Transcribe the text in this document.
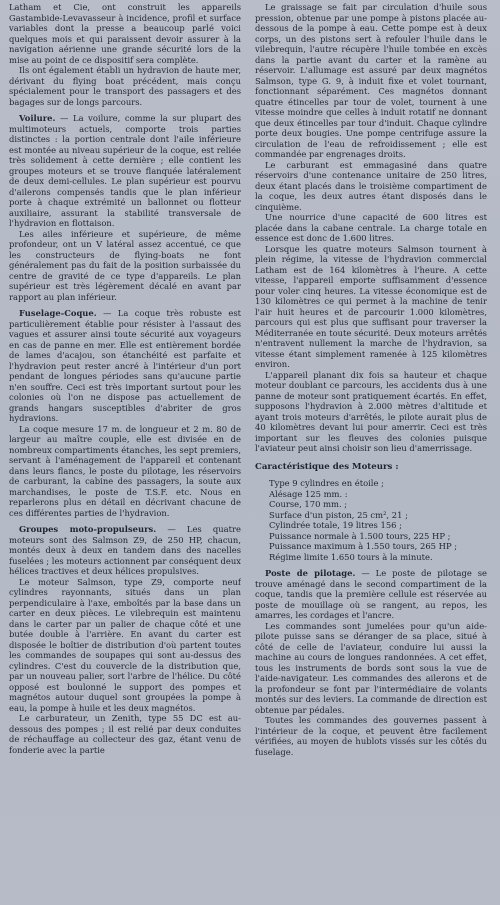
Latham et Cie, ont construit les appareils Gastambide-Levavasseur à incidence, profil et surface variables dont la presse a beaucoup parlé voici quelques mois et qui paraissent devoir assurer à la navigation aérienne une grande sécurité lors de la mise au point de ce dispositif sera complète.

Ils ont également établi un hydravion de haute mer, dérivant du flying boat précédent, mais conçu spécialement pour le transport des passagers et des bagages sur de longs parcours.

Voilure. — La voilure, comme la sur plupart des multimoteurs actuels, comporte trois parties distinctes : la portion centrale dont l'aile inférieure est montée au niveau supérieur de la coque, est reliée très solidement à cette dernière ; elle contient les groupes moteurs et se trouve flanquée latéralement de deux demi-cellules. Le plan supérieur est pourvu d'ailerons compensés tandis que le plan inférieur porte à chaque extrémité un ballonnet ou flotteur auxiliaire, assurant la stabilité transversale de l'hydravion en flottaison.

Les ailes inférieure et supérieure, de même profondeur, ont un V latéral assez accentué, ce que les constructeurs de flying-boats ne font généralement pas du fait de la position surbaissée du centre de gravité de ce type d'appareils. Le plan supérieur est très légèrement décalé en avant par rapport au plan inférieur.

Fuselage-Coque. — La coque très robuste est particulièrement établie pour résister à l'assaut des vagues et assurer ainsi toute sécurité aux voyageurs en cas de panne en mer. Elle est entièrement bordée de lames d'acajou, son étanchéité est parfaite et l'hydravion peut rester ancré à l'intérieur d'un port pendant de longues périodes sans qu'aucune partie n'en souffre. Ceci est très important surtout pour les colonies où l'on ne dispose pas actuellement de grands hangars susceptibles d'abriter de gros hydravions.

La coque mesure 17 m. de longueur et 2 m. 80 de largeur au maître couple, elle est divisée en de nombreux compartiments étanches, les sept premiers, servant à l'aménagement de l'appareil et contenant dans leurs flancs, le poste du pilotage, les réservoirs de carburant, la cabine des passagers, la soute aux marchandises, le poste de T.S.F. etc. Nous en reparlerons plus en détail en décrivant chacune de ces différentes parties de l'hydravion.

Groupes moto-propulseurs. — Les quatre moteurs sont des Salmson Z9, de 250 HP, chacun, montés deux à deux en tandem dans des nacelles fuselées ; les moteurs actionnent par conséquent deux hélices tractives et deux hélices propulsives.

Le moteur Salmson, type Z9, comporte neuf cylindres rayonnants, situés dans un plan perpendiculaire à l'axe, emboîtés par la base dans un carter en deux pièces. Le vilebrequin est maintenu dans le carter par un palier de chaque côté et une butée double à l'arrière. En avant du carter est disposée le boîtier de distribution d'où partent toutes les commandes de soupapes qui sont au-dessus des cylindres. C'est du couvercle de la distribution que, par un nouveau palier, sort l'arbre de l'hélice. Du côté opposé est boulonné le support des pompes et magnétos autour duquel sont groupées la pompe à eau, la pompe à huile et les deux magnétos.

Le carburateur, un Zenith, type 55 DC est au-dessous des pompes ; il est relié par deux conduites de réchauffage au collecteur des gaz, étant venu de fonderie avec la partie

Le graissage se fait par circulation d'huile sous pression, obtenue par une pompe à pistons placée au-dessous de la pompe à eau. Cette pompe est à deux corps, un des pistons sert à refouler l'huile dans le vilebrequin, l'autre récupère l'huile tombée en excès dans la partie avant du carter et la ramène au réservoir. L'allumage est assuré par deux magnétos Salmson, type G. 9, à induit fixe et volet tournant, fonctionnant séparément. Ces magnétos donnant quatre étincelles par tour de volet, tournent à une vitesse moindre que celles à induit rotatif ne donnant que deux étincelles par tour d'induit. Chaque cylindre porte deux bougies. Une pompe centrifuge assure la circulation de l'eau de refroidissement ; elle est commandée par engrenages droits.

Le carburant est emmagasiné dans quatre réservoirs d'une contenance unitaire de 250 litres, deux étant placés dans le troisième compartiment de la coque, les deux autres étant disposés dans le cinquième.

Une nourrice d'une capacité de 600 litres est placée dans la cabane centrale. La charge totale en essence est donc de 1.600 litres.

Lorsque les quatre moteurs Salmson tournent à plein régime, la vitesse de l'hydravion commercial Latham est de 164 kilomètres à l'heure. A cette vitesse, l'appareil emporte suffisamment d'essence pour voler cinq heures. La vitesse économique est de 130 kilomètres ce qui permet à la machine de tenir l'air huit heures et de parcourir 1.000 kilomètres, parcours qui est plus que suffisant pour traverser la Méditerranée en toute sécurité. Deux moteurs arrêtés n'entravent nullement la marche de l'hydravion, sa vitesse étant simplement ramenée à 125 kilomètres environ.

L'appareil planant dix fois sa hauteur et chaque moteur doublant ce parcours, les accidents dus à une panne de moteur sont pratiquement écartés. En effet, supposons l'hydravion à 2.000 mètres d'altitude et ayant trois moteurs d'arrêtés, le pilote aurait plus de 40 kilomètres devant lui pour amerrir. Ceci est très important sur les fleuves des colonies puisque l'aviateur peut ainsi choisir son lieu d'amerrissage.

Caractéristique des Moteurs :

Type 9 cylindres en étoile ;
Alésage 125 mm. :
Course, 170 mm. ;
Surface d'un piston, 25 cm², 21 ;
Cylindrée totale, 19 litres 156 ;
Puissance normale à 1.500 tours, 225 HP ;
Puissance maximum à 1.550 tours, 265 HP ;
Régime limite 1.650 tours à la minute.

Poste de pilotage. — Le poste de pilotage se trouve aménagé dans le second compartiment de la coque, tandis que la première cellule est réservée au poste de mouillage où se rangent, au repos, les amarres, les cordages et l'ancre.

Les commandes sont jumelées pour qu'un aide-pilote puisse sans se déranger de sa place, situé à côté de celle de l'aviateur, conduire lui aussi la machine au cours de longues randonnées. A cet effet, tous les instruments de bords sont sous la vue de l'aide-navigateur. Les commandes des ailerons et de la profondeur se font par l'intermédiaire de volants montés sur des leviers. La commande de direction est obtenue par pédales.

Toutes les commandes des gouvernes passent à l'intérieur de la coque, et peuvent être facilement vérifiées, au moyen de hublots vissés sur les côtés du fuselage.
